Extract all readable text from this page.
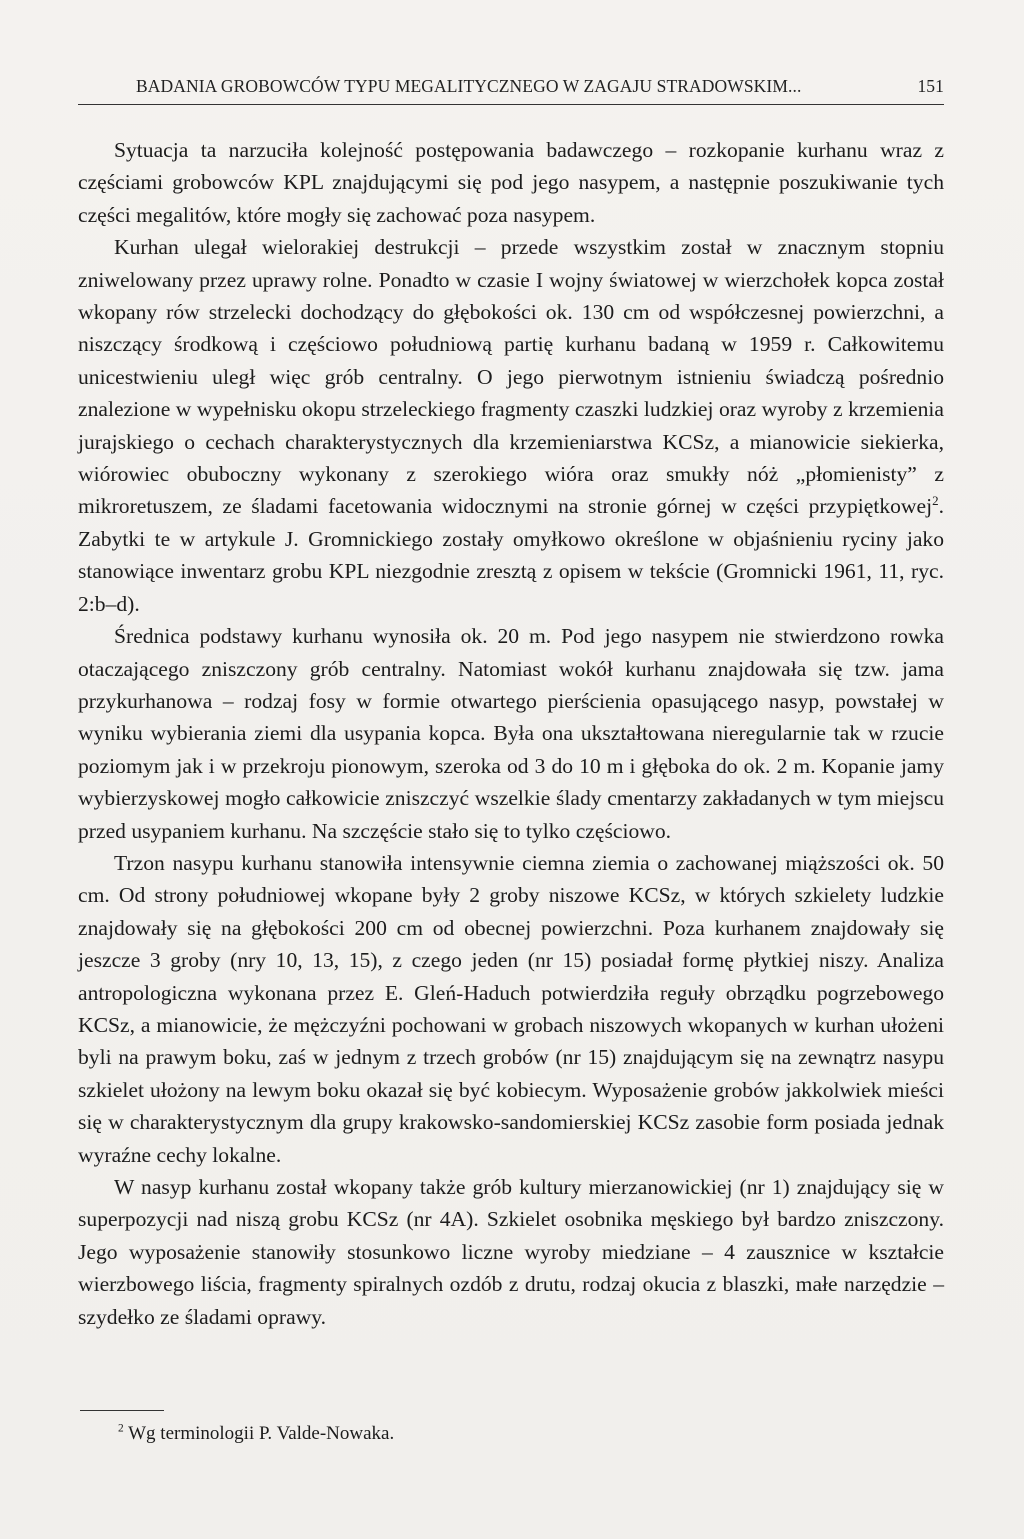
BADANIA GROBOWCÓW TYPU MEGALITYCZNEGO W ZAGAJU STRADOWSKIM...	151

Sytuacja ta narzuciła kolejność postępowania badawczego – rozkopanie kurhanu wraz z częściami grobowców KPL znajdującymi się pod jego nasypem, a następnie poszukiwanie tych części megalitów, które mogły się zachować poza nasypem.

Kurhan ulegał wielorakiej destrukcji – przede wszystkim został w znacznym stopniu zniwelowany przez uprawy rolne. Ponadto w czasie I wojny światowej w wierzchołek kopca został wkopany rów strzelecki dochodzący do głębokości ok. 130 cm od współczesnej powierzchni, a niszczący środkową i częściowo południową partię kurhanu badaną w 1959 r. Całkowitemu unicestwieniu uległ więc grób centralny. O jego pierwotnym istnieniu świadczą pośrednio znalezione w wypełnisku okopu strzeleckiego fragmenty czaszki ludzkiej oraz wyroby z krzemienia jurajskiego o cechach charakterystycznych dla krzemieniarstwa KCSz, a mianowicie siekierka, wiórowiec obuboczny wykonany z szerokiego wióra oraz smukły nóż „płomienisty” z mikroretuszem, ze śladami facetowania widocznymi na stronie górnej w części przypiętkowej$^2$. Zabytki te w artykule J. Gromnickiego zostały omyłkowo określone w objaśnieniu ryciny jako stanowiące inwentarz grobu KPL niezgodnie zresztą z opisem w tekście (Gromnicki 1961, 11, ryc. 2:b–d).

Średnica podstawy kurhanu wynosiła ok. 20 m. Pod jego nasypem nie stwierdzono rowka otaczającego zniszczony grób centralny. Natomiast wokół kurhanu znajdowała się tzw. jama przykurhanowa – rodzaj fosy w formie otwartego pierścienia opasującego nasyp, powstałej w wyniku wybierania ziemi dla usypania kopca. Była ona ukształtowana nieregularnie tak w rzucie poziomym jak i w przekroju pionowym, szeroka od 3 do 10 m i głęboka do ok. 2 m. Kopanie jamy wybierzyskowej mogło całkowicie zniszczyć wszelkie ślady cmentarzy zakładanych w tym miejscu przed usypaniem kurhanu. Na szczęście stało się to tylko częściowo.

Trzon nasypu kurhanu stanowiła intensywnie ciemna ziemia o zachowanej miąższości ok. 50 cm. Od strony południowej wkopane były 2 groby niszowe KCSz, w których szkielety ludzkie znajdowały się na głębokości 200 cm od obecnej powierzchni. Poza kurhanem znajdowały się jeszcze 3 groby (nry 10, 13, 15), z czego jeden (nr 15) posiadał formę płytkiej niszy. Analiza antropologiczna wykonana przez E. Gleń-Haduch potwierdziła reguły obrządku pogrzebowego KCSz, a mianowicie, że mężczyźni pochowani w grobach niszowych wkopanych w kurhan ułożeni byli na prawym boku, zaś w jednym z trzech grobów (nr 15) znajdującym się na zewnątrz nasypu szkielet ułożony na lewym boku okazał się być kobiecym. Wyposażenie grobów jakkolwiek mieści się w charakterystycznym dla grupy krakowsko-sandomierskiej KCSz zasobie form posiada jednak wyraźne cechy lokalne.

W nasyp kurhanu został wkopany także grób kultury mierzanowickiej (nr 1) znajdujący się w superpozycji nad niszą grobu KCSz (nr 4A). Szkielet osobnika męskiego był bardzo zniszczony. Jego wyposażenie stanowiły stosunkowo liczne wyroby miedziane – 4 zausznice w kształcie wierzbowego liścia, fragmenty spiralnych ozdób z drutu, rodzaj okucia z blaszki, małe narzędzie – szydełko ze śladami oprawy.

$^2$ Wg terminologii P. Valde-Nowaka.
